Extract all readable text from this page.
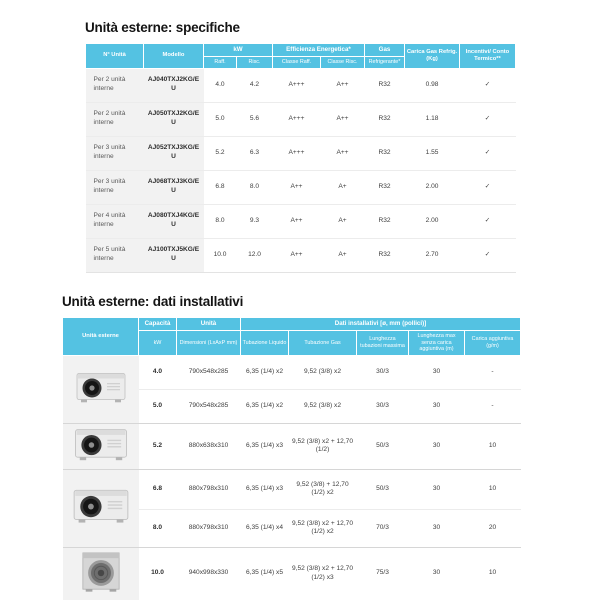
Unità esterne: specifiche
N° Unità	Modello	kW		Efficienza Energetica*		Gas	Carica Gas Refrig. (Kg)	Incentivi/ Conto Termico**
		Raff.	Risc.	Classe Raff.	Classe Risc.	Refrigerante*		
Per 2 unità interne	AJ040TXJ2KG/EU	4.0	4.2	A+++	A++	R32	0.98	✓
Per 2 unità interne	AJ050TXJ2KG/EU	5.0	5.6	A+++	A++	R32	1.18	✓
Per 3 unità interne	AJ052TXJ3KG/EU	5.2	6.3	A+++	A++	R32	1.55	✓
Per 3 unità interne	AJ068TXJ3KG/EU	6.8	8.0	A++	A+	R32	2.00	✓
Per 4 unità interne	AJ080TXJ4KG/EU	8.0	9.3	A++	A+	R32	2.00	✓
Per 5 unità interne	AJ100TXJ5KG/EU	10.0	12.0	A++	A+	R32	2.70	✓
Unità esterne: dati installativi
Unità esterne	Capacità	Unità	Dati installativi [ø, mm (pollici)]				
	kW	Dimensioni (LxAxP mm)	Tubazione Liquido	Tubazione Gas	Lunghezza tubazioni massima	Lunghezza max senza carica aggiuntiva (m)	Carica aggiuntiva (g/m)
	4.0	790x548x285	6,35 (1/4) x2	9,52 (3/8) x2	30/3	30	-
	5.0	790x548x285	6,35 (1/4) x2	9,52 (3/8) x2	30/3	30	-
	5.2	880x638x310	6,35 (1/4) x3	9,52 (3/8) x2 + 12,70 (1/2)	50/3	30	10
	6.8	880x798x310	6,35 (1/4) x3	9,52 (3/8) + 12,70 (1/2) x2	50/3	30	10
	8.0	880x798x310	6,35 (1/4) x4	9,52 (3/8) x2 + 12,70 (1/2) x2	70/3	30	20
	10.0	940x998x330	6,35 (1/4) x5	9,52 (3/8) x2 + 12,70 (1/2) x3	75/3	30	10
